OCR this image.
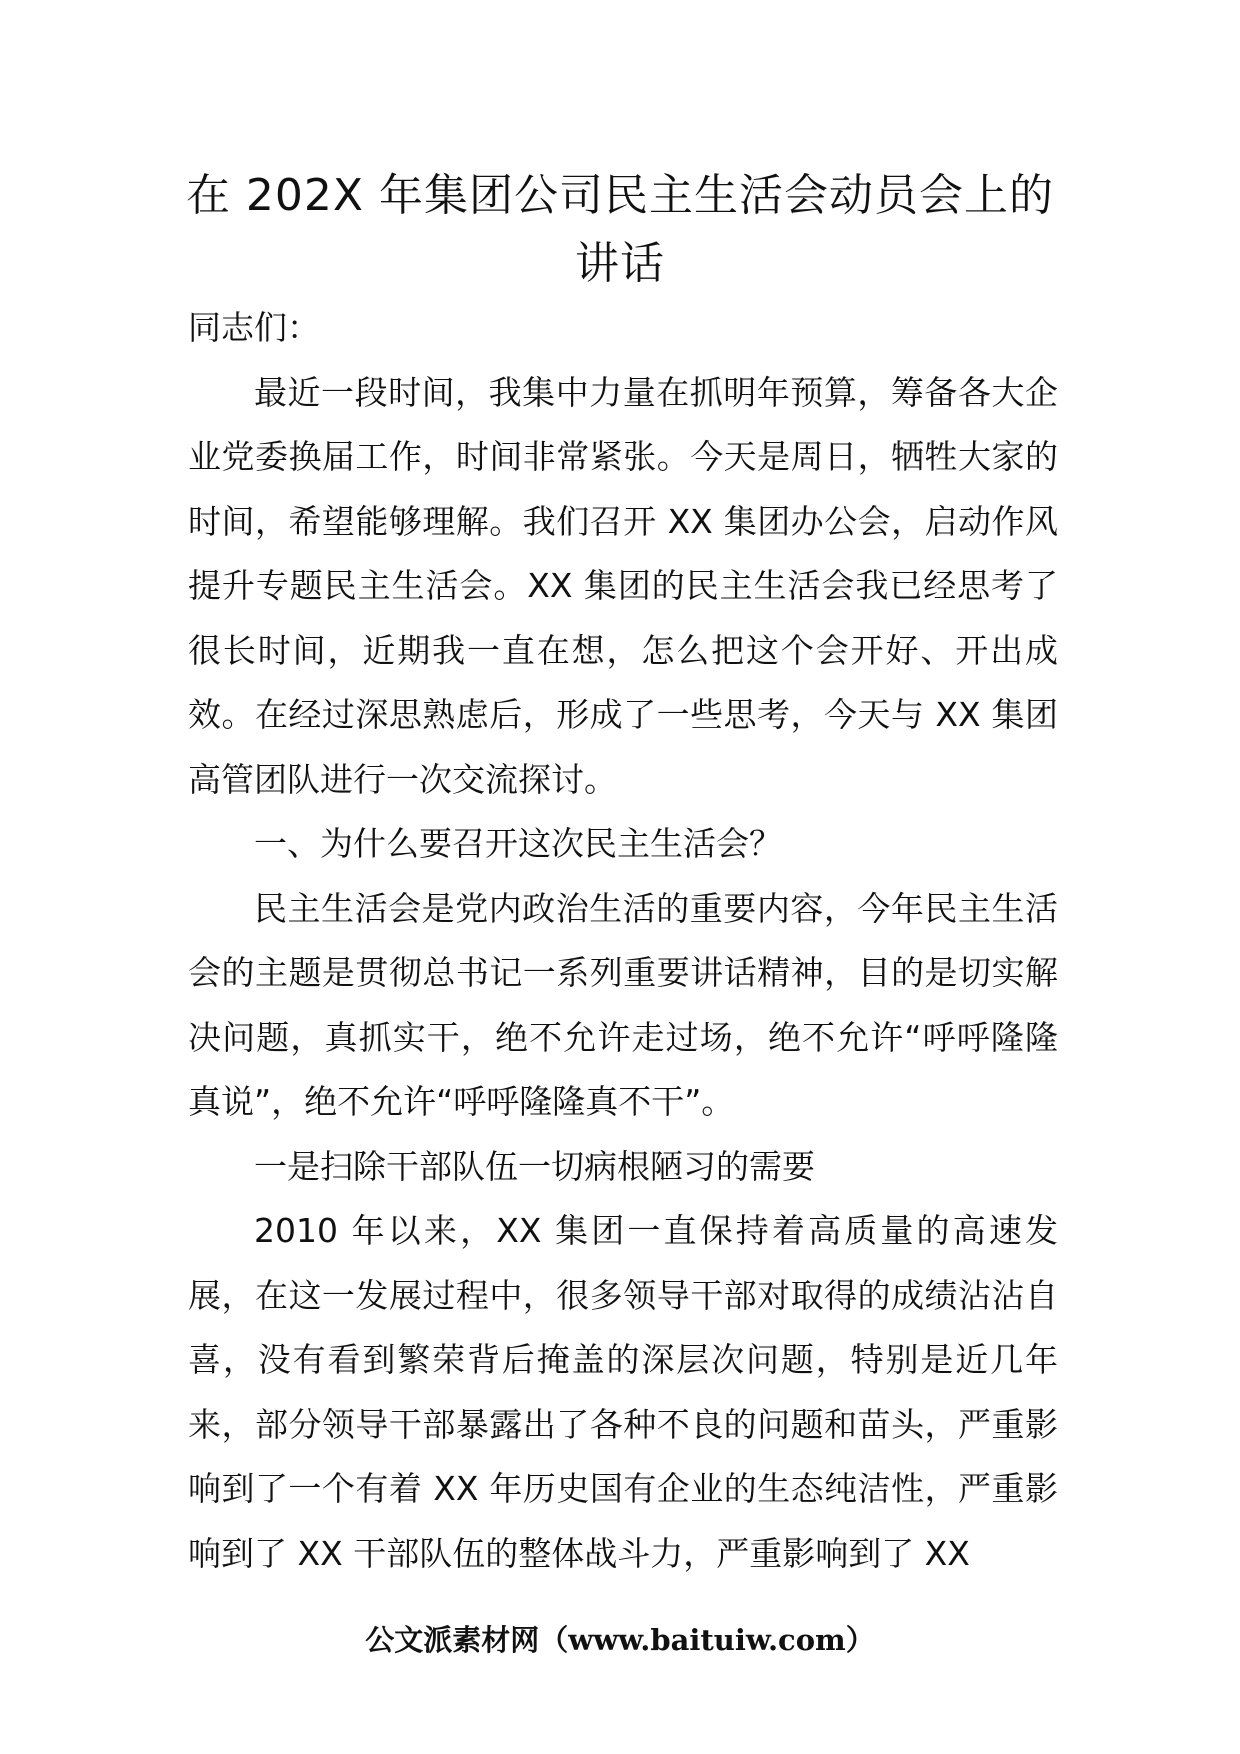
在 202X 年集团公司民主生活会动员会上的
讲话

同志们：

最近一段时间，我集中力量在抓明年预算，筹备各大企业党委换届工作，时间非常紧张。今天是周日，牺牲大家的时间，希望能够理解。我们召开 XX 集团办公会，启动作风提升专题民主生活会。XX 集团的民主生活会我已经思考了很长时间，近期我一直在想，怎么把这个会开好、开出成效。在经过深思熟虑后，形成了一些思考，今天与 XX 集团高管团队进行一次交流探讨。

一、为什么要召开这次民主生活会？

民主生活会是党内政治生活的重要内容，今年民主生活会的主题是贯彻总书记一系列重要讲话精神，目的是切实解决问题，真抓实干，绝不允许走过场，绝不允许“呼呼隆隆真说”，绝不允许“呼呼隆隆真不干”。

一是扫除干部队伍一切病根陋习的需要

2010 年以来，XX 集团一直保持着高质量的高速发展，在这一发展过程中，很多领导干部对取得的成绩沾沾自喜，没有看到繁荣背后掩盖的深层次问题，特别是近几年来，部分领导干部暴露出了各种不良的问题和苗头，严重影响到了一个有着 XX 年历史国有企业的生态纯洁性，严重影响到了 XX 干部队伍的整体战斗力，严重影响到了 XX

公文派素材网（www.baituiw.com）
